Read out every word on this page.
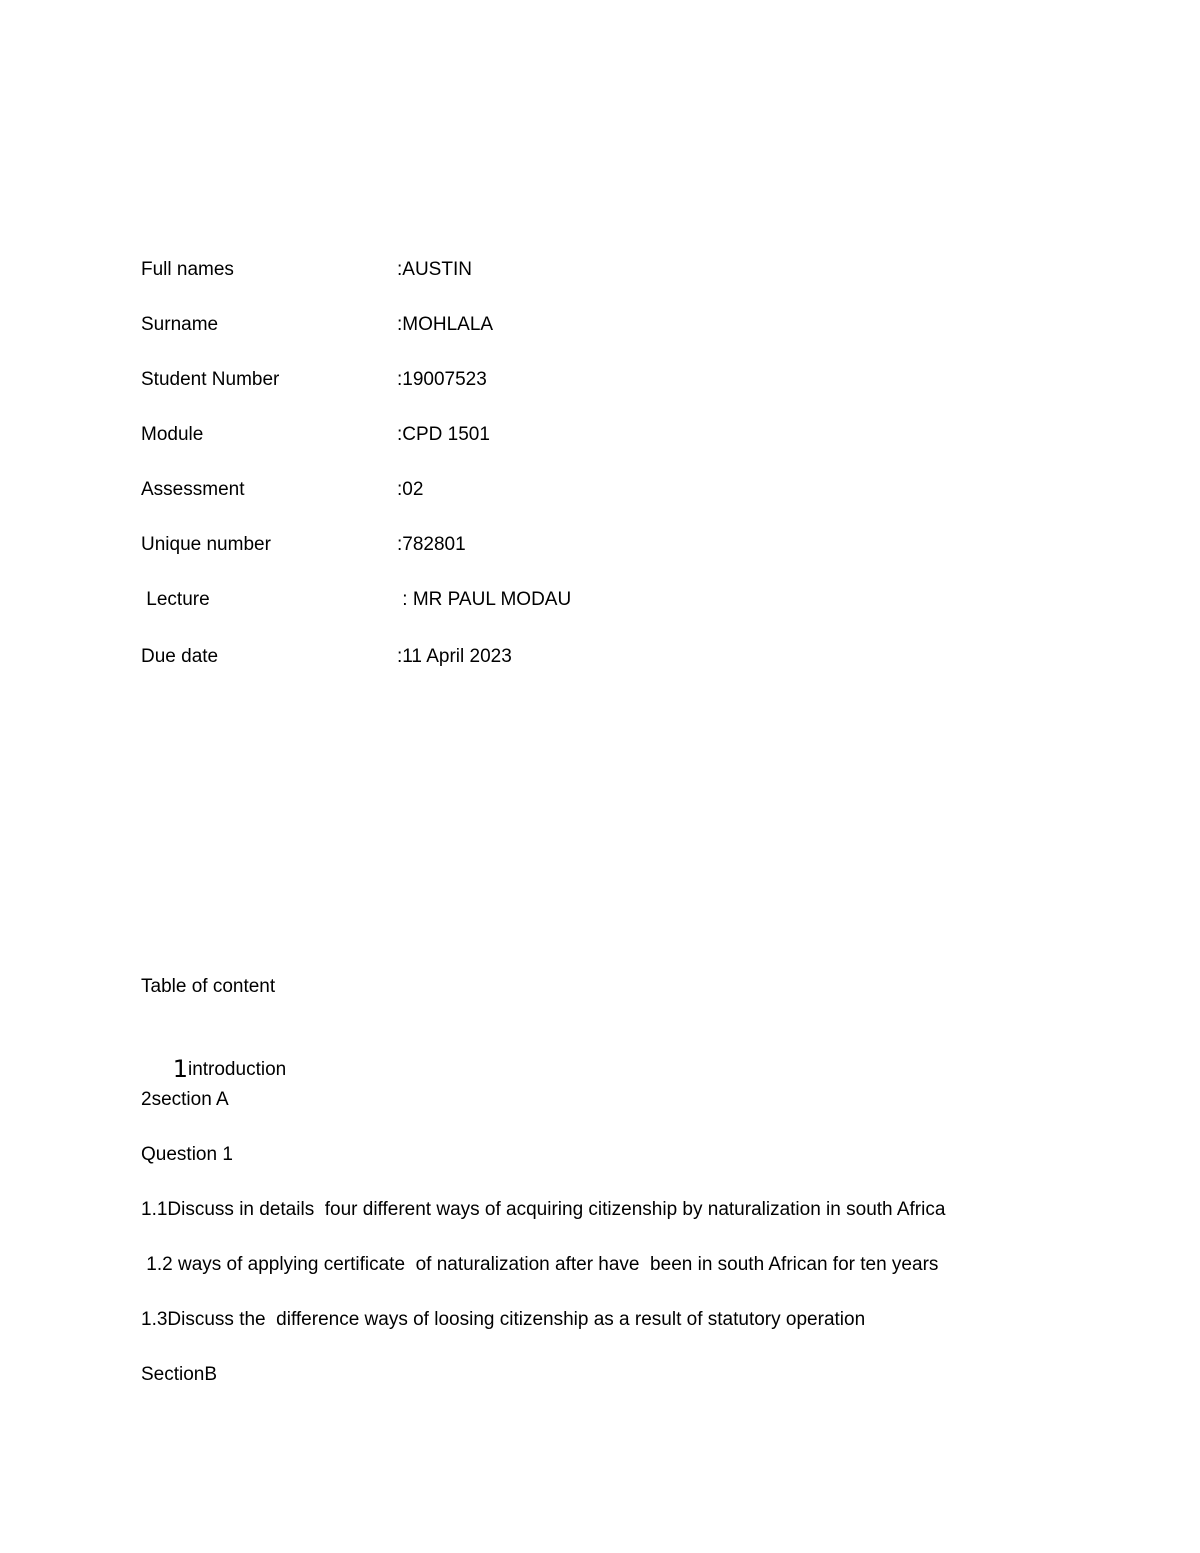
Full names	:AUSTIN
Surname	:MOHLALA
Student Number	:19007523
Module	:CPD 1501
Assessment	:02
Unique number	:782801
Lecture	: MR PAUL MODAU
Due date	:11 April 2023
Table of content

1introduction

2section A
Question 1
1.1Discuss in details  four different ways of acquiring citizenship by naturalization in south Africa
1.2 ways of applying certificate  of naturalization after have  been in south African for ten years
1.3Discuss the  difference ways of loosing citizenship as a result of statutory operation
SectionB
